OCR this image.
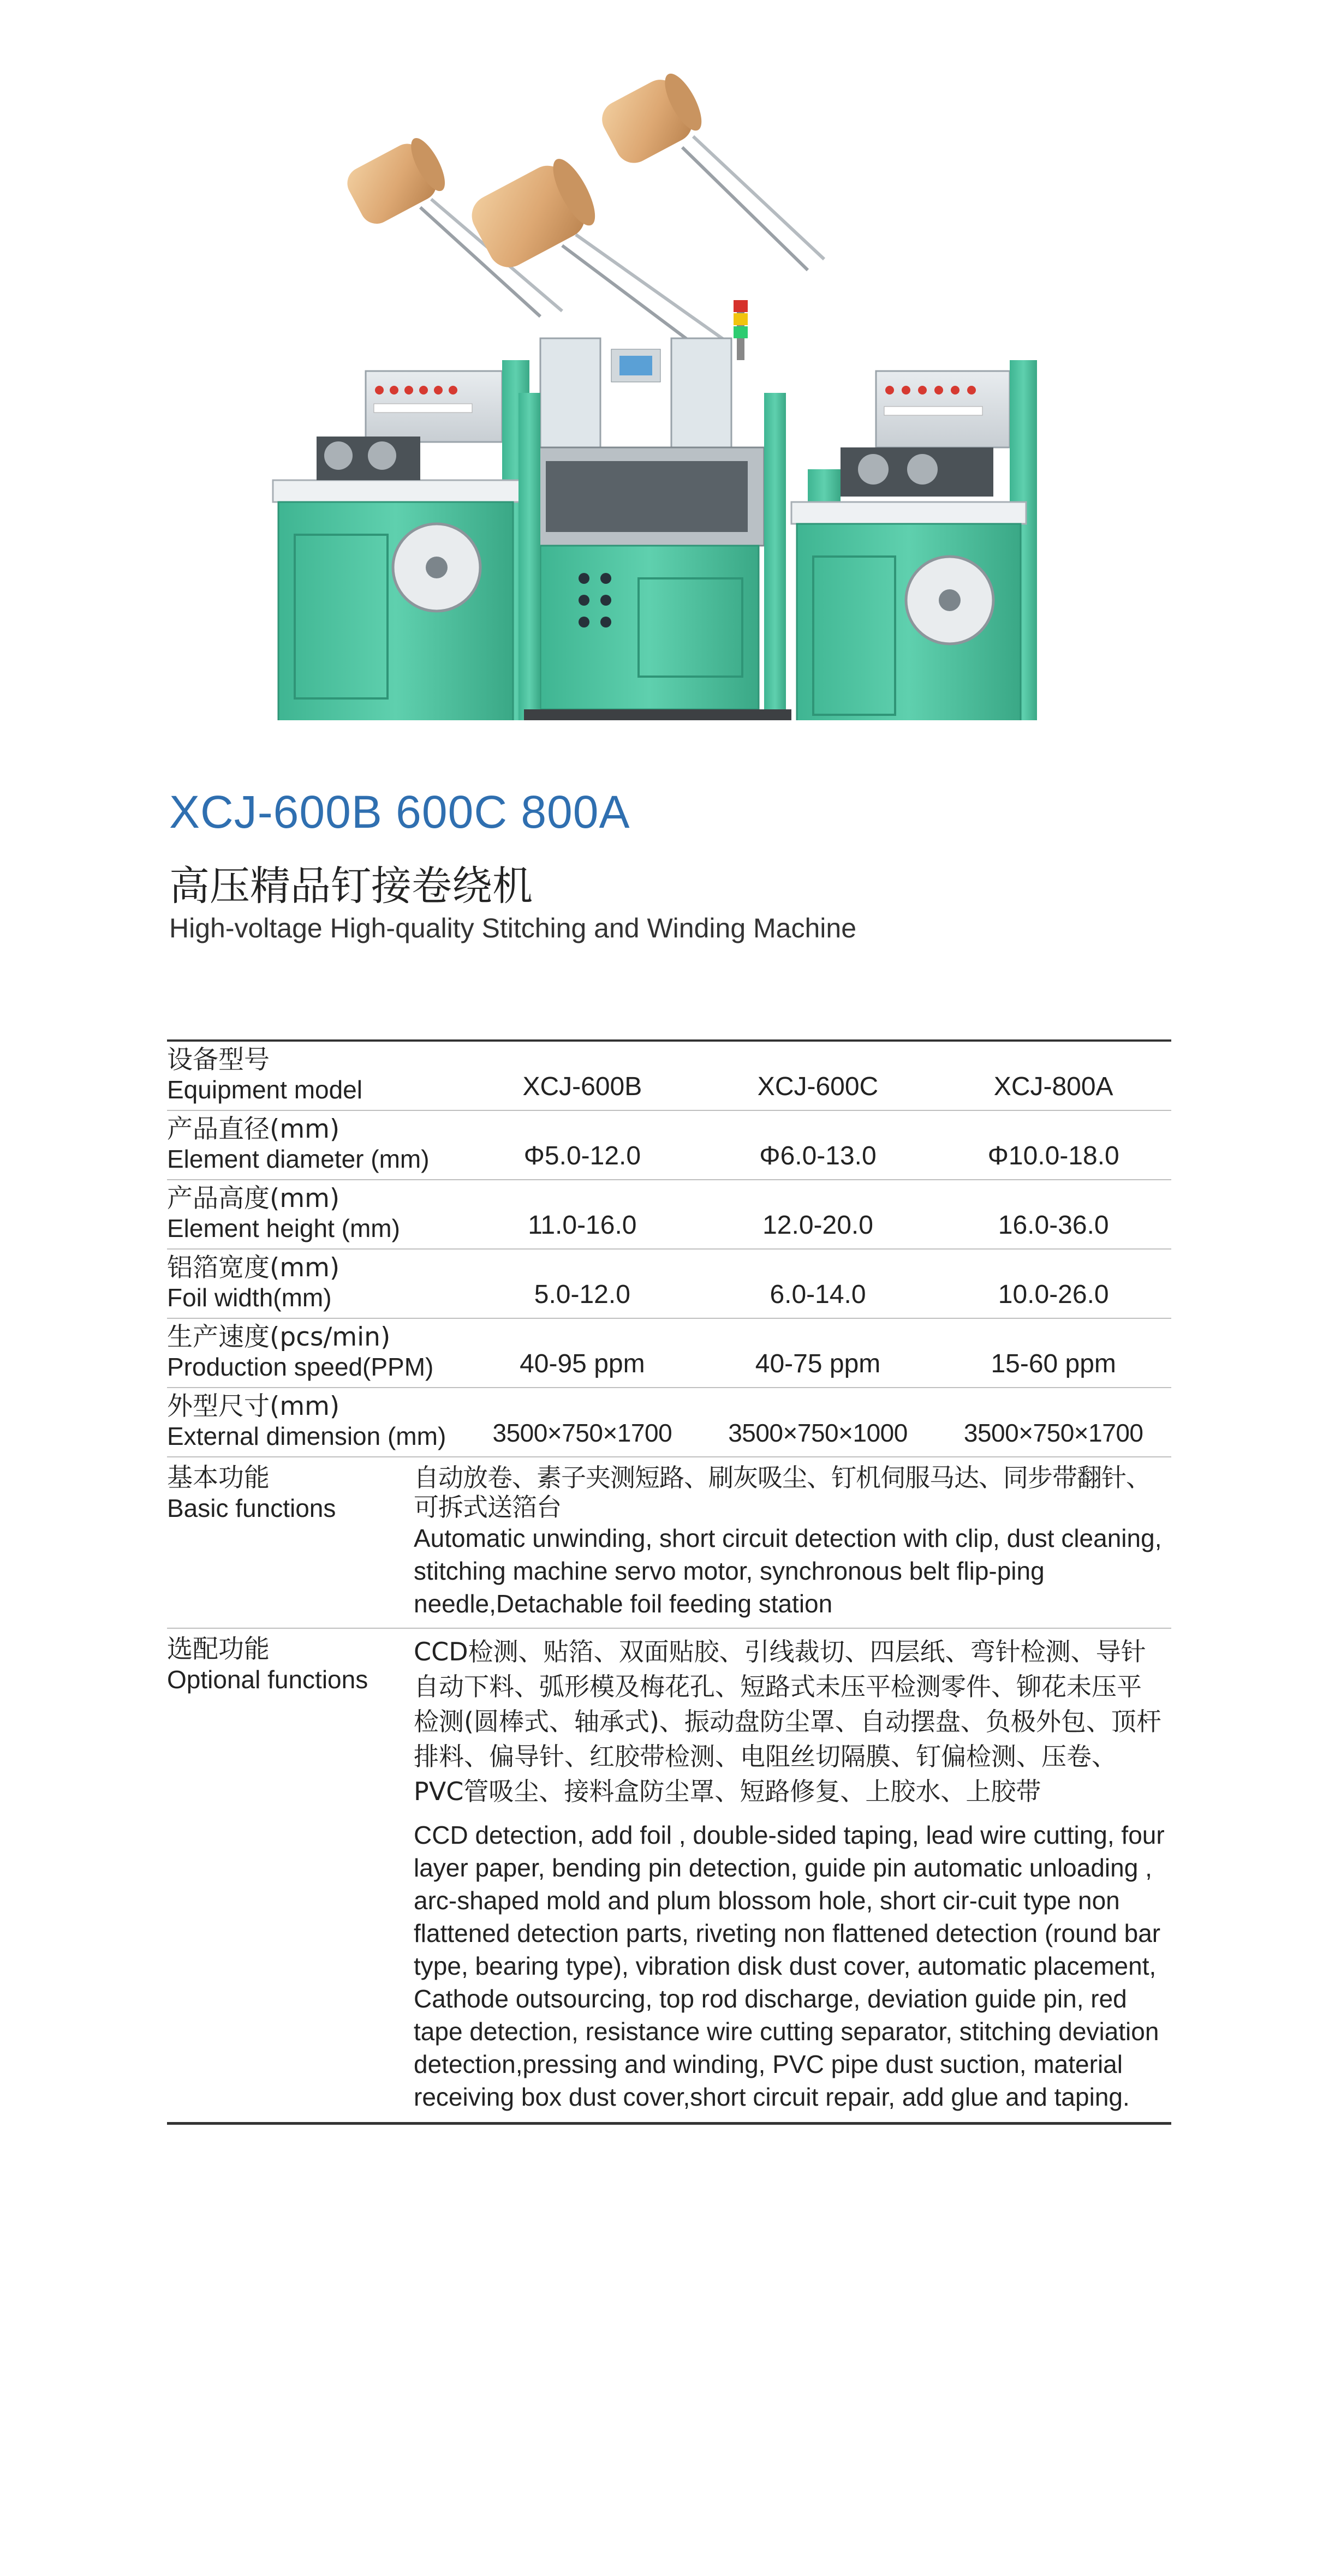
XCJ-600B 600C 800A
高压精品钉接卷绕机
High-voltage High-quality Stitching and Winding Machine
设备型号
Equipment model	XCJ-600B	XCJ-600C	XCJ-800A
产品直径(mm)
Element diameter (mm)	Φ5.0-12.0	Φ6.0-13.0	Φ10.0-18.0
产品高度(mm)
Element height (mm)	11.0-16.0	12.0-20.0	16.0-36.0
铝箔宽度(mm)
Foil width(mm)	5.0-12.0	6.0-14.0	10.0-26.0
生产速度(pcs/min)
Production speed(PPM)	40-95 ppm	40-75 ppm	15-60 ppm
外型尺寸(mm)
External dimension (mm)	3500×750×1700	3500×750×1000	3500×750×1700
基本功能
Basic functions
自动放卷、素子夹测短路、刷灰吸尘、钉机伺服马达、同步带翻针、可拆式送箔台
Automatic unwinding, short circuit detection with clip, dust cleaning, stitching machine servo motor, synchronous belt flip-ping needle,Detachable foil feeding station
选配功能
Optional functions
CCD检测、贴箔、双面贴胶、引线裁切、四层纸、弯针检测、导针自动下料、弧形模及梅花孔、短路式未压平检测零件、铆花未压平检测(圆棒式、轴承式)、振动盘防尘罩、自动摆盘、负极外包、顶杆排料、偏导针、红胶带检测、电阻丝切隔膜、钉偏检测、压卷、PVC管吸尘、接料盒防尘罩、短路修复、上胶水、上胶带
CCD detection, add foil , double-sided taping, lead wire cutting, four layer paper, bending pin detection, guide pin automatic unloading , arc-shaped mold and plum blossom hole, short cir-cuit type non flattened detection parts, riveting non flattened detection (round bar type, bearing type), vibration disk dust cover, automatic placement, Cathode outsourcing, top rod discharge, deviation guide pin, red tape detection, resistance wire cutting separator, stitching deviation detection,pressing and winding, PVC pipe dust suction, material receiving box dust cover,short circuit repair, add glue and taping.
